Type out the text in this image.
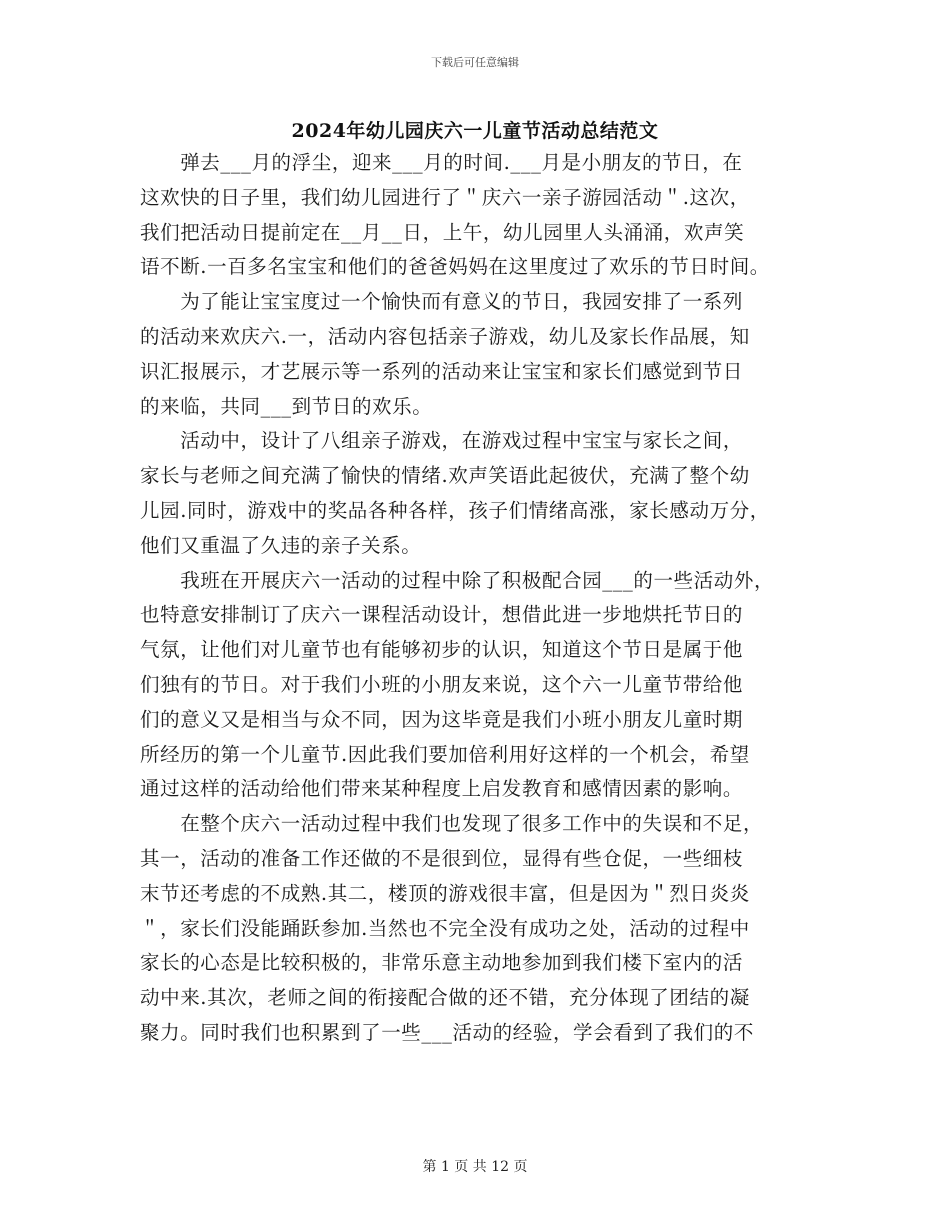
下载后可任意编辑
2024年幼儿园庆六一儿童节活动总结范文
　　弹去___月的浮尘，迎来___月的时间.___月是小朋友的节日，在
这欢快的日子里，我们幼儿园进行了＂庆六一亲子游园活动＂.这次，
我们把活动日提前定在__月__日，上午，幼儿园里人头涌涌，欢声笑
语不断.一百多名宝宝和他们的爸爸妈妈在这里度过了欢乐的节日时间。
　　为了能让宝宝度过一个愉快而有意义的节日，我园安排了一系列
的活动来欢庆六.一，活动内容包括亲子游戏，幼儿及家长作品展，知
识汇报展示，才艺展示等一系列的活动来让宝宝和家长们感觉到节日
的来临，共同___到节日的欢乐。
　　活动中，设计了八组亲子游戏，在游戏过程中宝宝与家长之间，
家长与老师之间充满了愉快的情绪.欢声笑语此起彼伏，充满了整个幼
儿园.同时，游戏中的奖品各种各样，孩子们情绪高涨，家长感动万分，
他们又重温了久违的亲子关系。
　　我班在开展庆六一活动的过程中除了积极配合园___的一些活动外，
也特意安排制订了庆六一课程活动设计，想借此进一步地烘托节日的
气氛，让他们对儿童节也有能够初步的认识，知道这个节日是属于他
们独有的节日。对于我们小班的小朋友来说，这个六一儿童节带给他
们的意义又是相当与众不同，因为这毕竟是我们小班小朋友儿童时期
所经历的第一个儿童节.因此我们要加倍利用好这样的一个机会，希望
通过这样的活动给他们带来某种程度上启发教育和感情因素的影响。
　　在整个庆六一活动过程中我们也发现了很多工作中的失误和不足，
其一，活动的准备工作还做的不是很到位，显得有些仓促，一些细枝
末节还考虑的不成熟.其二，楼顶的游戏很丰富，但是因为＂烈日炎炎
＂，家长们没能踊跃参加.当然也不完全没有成功之处，活动的过程中
家长的心态是比较积极的，非常乐意主动地参加到我们楼下室内的活
动中来.其次，老师之间的衔接配合做的还不错，充分体现了团结的凝
聚力。同时我们也积累到了一些___活动的经验，学会看到了我们的不
第 1 页 共 12 页
